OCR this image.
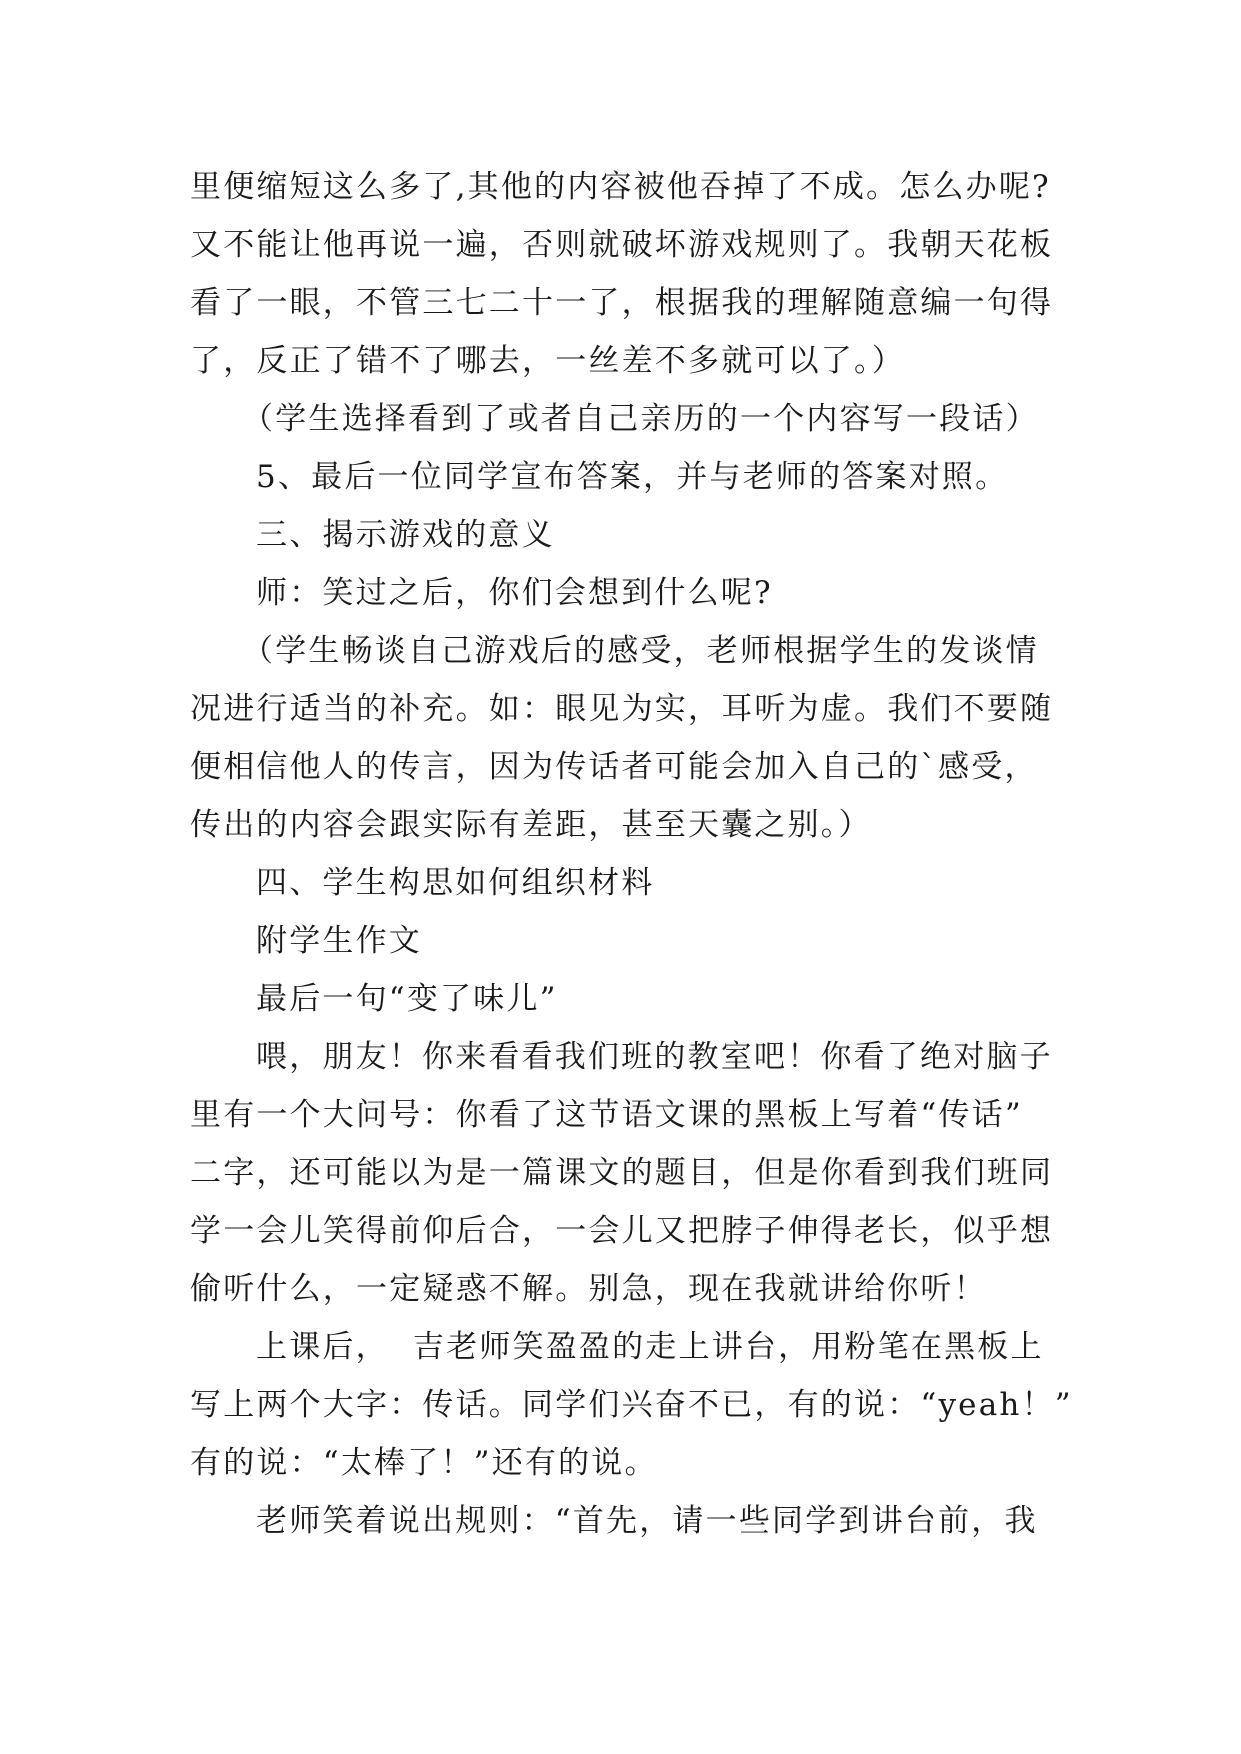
里便缩短这么多了,其他的内容被他吞掉了不成。怎么办呢?
又不能让他再说一遍，否则就破坏游戏规则了。我朝天花板
看了一眼，不管三七二十一了，根据我的理解随意编一句得
了，反正了错不了哪去，一丝差不多就可以了。）
（学生选择看到了或者自己亲历的一个内容写一段话）
5、最后一位同学宣布答案，并与老师的答案对照。
三、揭示游戏的意义
师：笑过之后，你们会想到什么呢?
（学生畅谈自己游戏后的感受，老师根据学生的发谈情
况进行适当的补充。如：眼见为实，耳听为虚。我们不要随
便相信他人的传言，因为传话者可能会加入自己的`感受，
传出的内容会跟实际有差距，甚至天囊之别。）
四、学生构思如何组织材料
附学生作文
最后一句“变了味儿”
喂，朋友！你来看看我们班的教室吧！你看了绝对脑子
里有一个大问号：你看了这节语文课的黑板上写着“传话”
二字，还可能以为是一篇课文的题目，但是你看到我们班同
学一会儿笑得前仰后合，一会儿又把脖子伸得老长，似乎想
偷听什么，一定疑惑不解。别急，现在我就讲给你听！
上课后，  吉老师笑盈盈的走上讲台，用粉笔在黑板上
写上两个大字：传话。同学们兴奋不已，有的说：“yeah！”
有的说：“太棒了！”还有的说。
老师笑着说出规则：“首先，请一些同学到讲台前，我
